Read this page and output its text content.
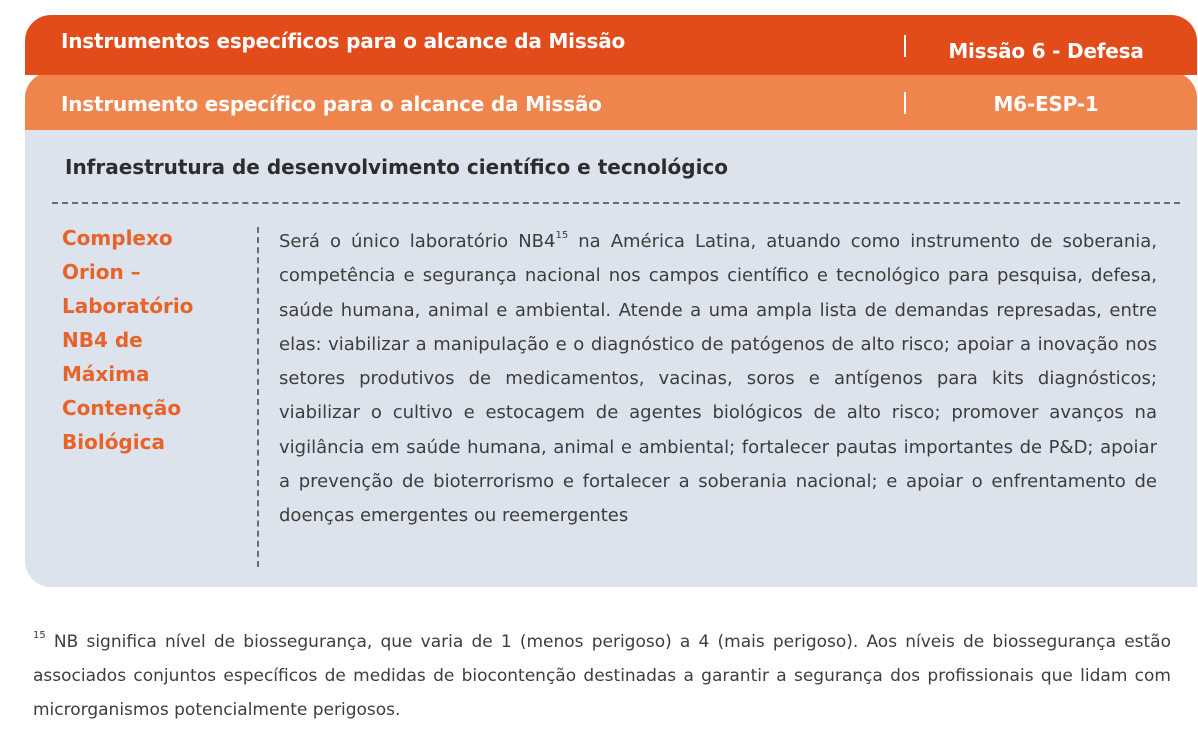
Instrumentos específicos para o alcance da Missão	Missão 6 - Defesa
Instrumento específico para o alcance da Missão	M6-ESP-1
Infraestrutura de desenvolvimento científico e tecnológico
Complexo Orion – Laboratório NB4 de Máxima Contenção Biológica
Será o único laboratório $NB4^{15}$ na América Latina, atuando como instrumento de soberania, competência e segurança nacional nos campos científico e tecnológico para pesquisa, defesa, saúde humana, animal e ambiental. Atende a uma ampla lista de demandas represadas, entre elas: viabilizar a manipulação e o diagnóstico de patógenos de alto risco; apoiar a inovação nos setores produtivos de medicamentos, vacinas, soros e antígenos para kits diagnósticos; viabilizar o cultivo e estocagem de agentes biológicos de alto risco; promover avanços na vigilância em saúde humana, animal e ambiental; fortalecer pautas importantes de P&D; apoiar a prevenção de bioterrorismo e fortalecer a soberania nacional; e apoiar o enfrentamento de doenças emergentes ou reemergentes
$^{15}$ NB significa nível de biossegurança, que varia de 1 (menos perigoso) a 4 (mais perigoso). Aos níveis de biossegurança estão associados conjuntos específicos de medidas de biocontenção destinadas a garantir a segurança dos profissionais que lidam com microrganismos potencialmente perigosos.
